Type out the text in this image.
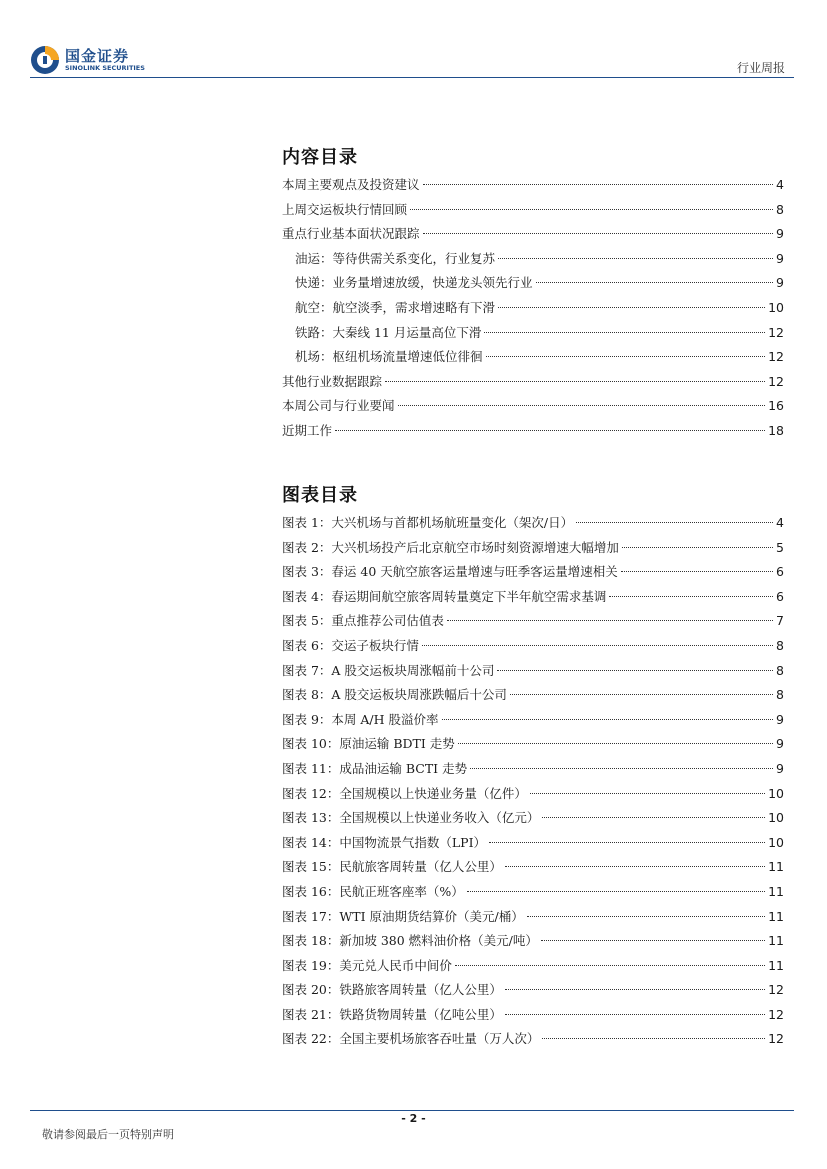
国金证券
SINOLINK SECURITIES	行业周报
内容目录
本周主要观点及投资建议	4
上周交运板块行情回顾	8
重点行业基本面状况跟踪	9
油运：等待供需关系变化，行业复苏	9
快递：业务量增速放缓，快递龙头领先行业	9
航空：航空淡季，需求增速略有下滑	10
铁路：大秦线 11 月运量高位下滑	12
机场：枢纽机场流量增速低位徘徊	12
其他行业数据跟踪	12
本周公司与行业要闻	16
近期工作	18
图表目录
图表 1：大兴机场与首都机场航班量变化（架次/日）	4
图表 2：大兴机场投产后北京航空市场时刻资源增速大幅增加	5
图表 3：春运 40 天航空旅客运量增速与旺季客运量增速相关	6
图表 4：春运期间航空旅客周转量奠定下半年航空需求基调	6
图表 5：重点推荐公司估值表	7
图表 6：交运子板块行情	8
图表 7：A 股交运板块周涨幅前十公司	8
图表 8：A 股交运板块周涨跌幅后十公司	8
图表 9：本周 A/H 股溢价率	9
图表 10：原油运输 BDTI 走势	9
图表 11：成品油运输 BCTI 走势	9
图表 12：全国规模以上快递业务量（亿件）	10
图表 13：全国规模以上快递业务收入（亿元）	10
图表 14：中国物流景气指数（LPI）	10
图表 15：民航旅客周转量（亿人公里）	11
图表 16：民航正班客座率（%）	11
图表 17：WTI 原油期货结算价（美元/桶）	11
图表 18：新加坡 380 燃料油价格（美元/吨）	11
图表 19：美元兑人民币中间价	11
图表 20：铁路旅客周转量（亿人公里）	12
图表 21：铁路货物周转量（亿吨公里）	12
图表 22：全国主要机场旅客吞吐量（万人次）	12
- 2 -
敬请参阅最后一页特别声明
